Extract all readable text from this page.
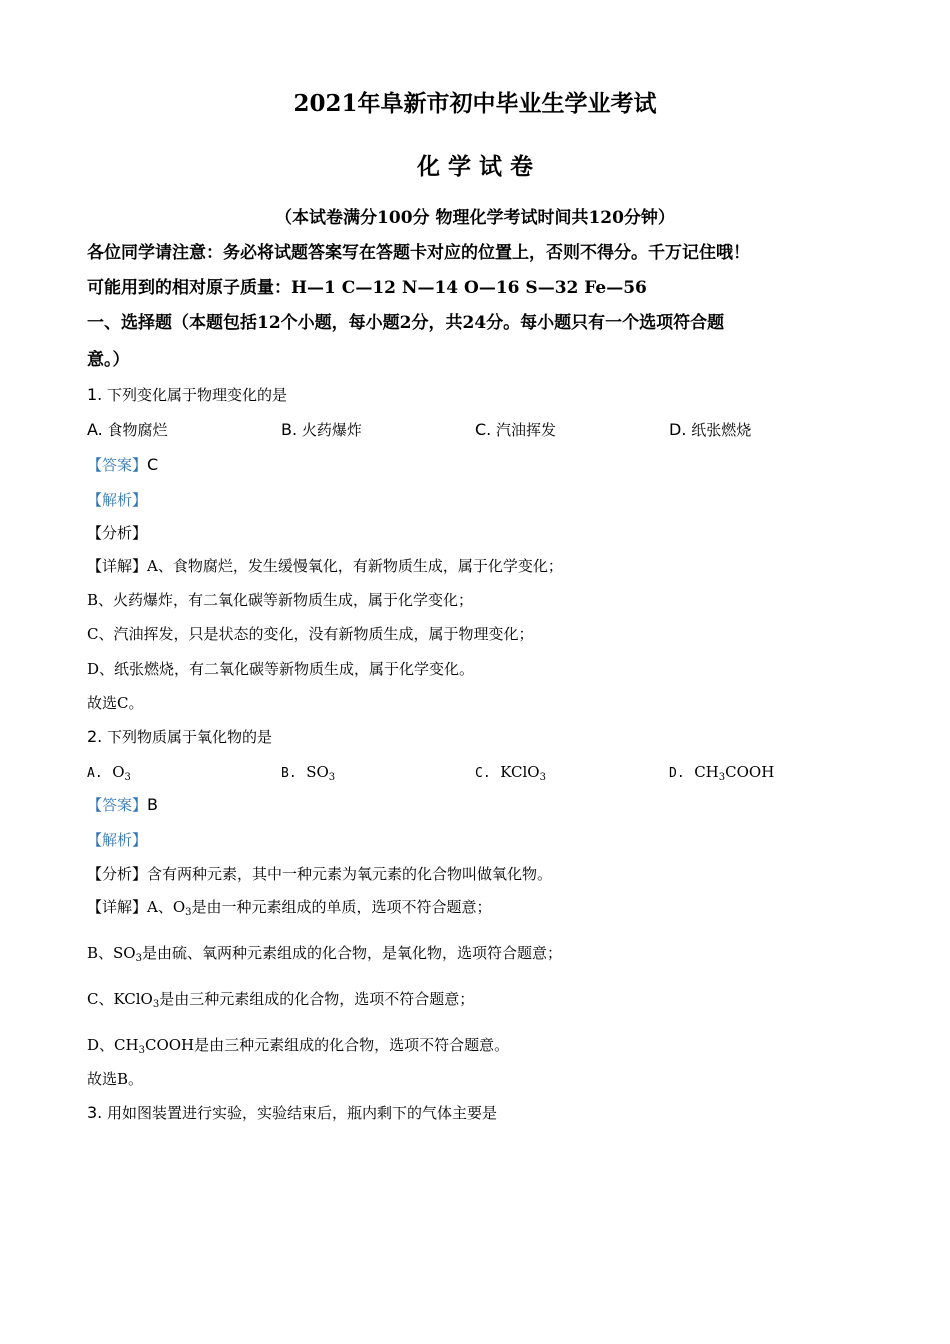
2021年阜新市初中毕业生学业考试
化 学 试 卷
（本试卷满分100分 物理化学考试时间共120分钟）
各位同学请注意：务必将试题答案写在答题卡对应的位置上，否则不得分。千万记住哦！
可能用到的相对原子质量：H—1 C—12 N—14 O—16 S—32 Fe—56
一、选择题（本题包括12个小题，每小题2分，共24分。每小题只有一个选项符合题
意。）
1. 下列变化属于物理变化的是
A. 食物腐烂	B. 火药爆炸	C. 汽油挥发	D. 纸张燃烧
【答案】C
【解析】
【分析】
【详解】A、食物腐烂，发生缓慢氧化，有新物质生成，属于化学变化；
B、火药爆炸，有二氧化碳等新物质生成，属于化学变化；
C、汽油挥发，只是状态的变化，没有新物质生成，属于物理变化；
D、纸张燃烧，有二氧化碳等新物质生成，属于化学变化。
故选C。
2. 下列物质属于氧化物的是
A. $O_3$	B. $SO_3$	C. KClO$_3$	D. $CH_3COOH$
【答案】B
【解析】
【分析】含有两种元素，其中一种元素为氧元素的化合物叫做氧化物。
【详解】A、$O_3$是由一种元素组成的单质，选项不符合题意；
B、$SO_3$是由硫、氧两种元素组成的化合物，是氧化物，选项符合题意；
C、KClO$_3$是由三种元素组成的化合物，选项不符合题意；
D、$CH_3COOH$是由三种元素组成的化合物，选项不符合题意。
故选B。
3. 用如图装置进行实验，实验结束后，瓶内剩下的气体主要是
